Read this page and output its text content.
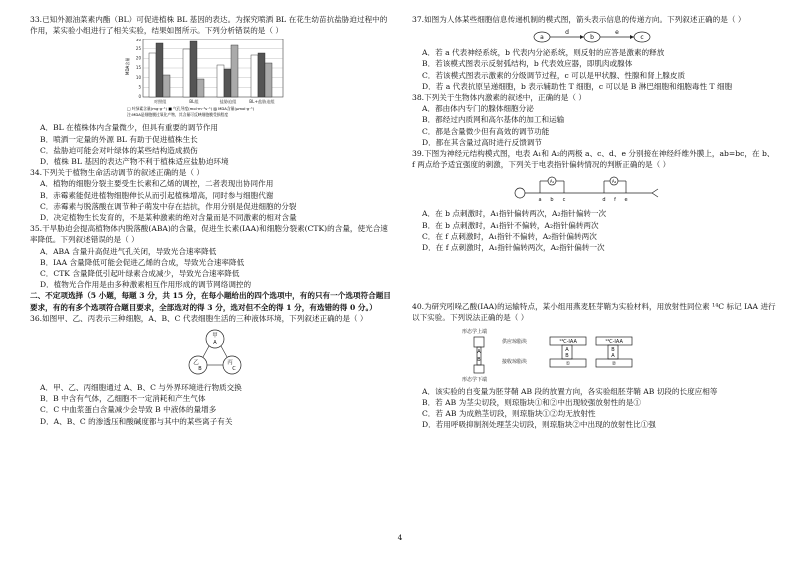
33.已知外源油菜素内酯（BL）可促进植株 BL 基因的表达。为探究喷洒 BL 在花生幼苗抗盐胁迫过程中的作用，某实验小组进行了相关实验，结果如图所示。下列分析错误的是（ ）

0
5
10
15
20
25
30
MDA含量
对照组	BL组	盐胁迫组	BL+盐胁迫组
□ 叶绿素含量(mg·g⁻¹) ■ 气孔导度(mol·m⁻²s⁻¹) ▨ MDA含量(μmol·g⁻¹)
注:MDA是细胞膜过氧化产物，其含量可反映细胞膜受损程度

A．BL 在植株体内含量微少，但具有重要的调节作用

B．喷洒一定量的外源 BL 有助于促进植株生长

C．盐胁迫可能会对叶绿体的某些结构造成损伤

D．植株 BL 基因的表达产物不利于植株适应盐胁迫环境

34.下列关于植物生命活动调节的叙述正确的是（ ）

A．植物的细胞分裂主要受生长素和乙烯的调控，二者表现出协同作用

B．赤霉素能促进植物细胞伸长从而引起植株增高，同时参与细胞代谢

C．赤霉素与脱落酸在调节种子萌发中存在拮抗，作用分别是促进细胞的分裂

D．决定植物生长发育的，不是某种激素的绝对含量而是不同激素的相对含量

35.干旱胁迫会提高植物体内脱落酸(ABA)的含量，促进生长素(IAA)和细胞分裂素(CTK)的含量，使光合速率降低。下列叙述错误的是（ ）

A．ABA 含量升高促进气孔关闭，导致光合速率降低

B．IAA 含量降低可能会促进乙烯的合成，导致光合速率降低

C．CTK 含量降低引起叶绿素合成减少，导致光合速率降低

D．植物光合作用是由多种激素相互作用形成的调节网络调控的

二、不定项选择（5 小题，每题 3 分，共 15 分，在每小题给出的四个选项中，有的只有一个选项符合题目要求，有的有多个选项符合题目要求，全部选对的得 3 分，选对但不全的得 1 分，有选错的得 0 分。）

36.如图甲、乙、丙表示三种细胞，A、B、C 代表细胞生活的三种液体环境，下列叙述正确的是（ ）

甲
A
乙
B
丙
C

A．甲、乙、丙细胞通过 A、B、C 与外界环境进行物质交换

B．B 中含有气体，乙细胞不一定消耗和产生气体

C．C 中血浆蛋白含量减少会导致 B 中液体的量增多

D．A、B、C 的渗透压和酸碱度都与其中的某些离子有关

37.如图为人体某些细胞信息传递机制的模式图，箭头表示信息的传递方向。下列叙述正确的是（ ）

a
d
b
e
c

A．若 a 代表神经系统，b 代表内分泌系统，则反射的应答是激素的释放

B．若该模式图表示反射弧结构，b 代表效应器，即肌肉或腺体

C．若该模式图表示激素的分级调节过程，c 可以是甲状腺、性腺和肾上腺皮质

D．若 a 代表抗原呈递细胞，b 表示辅助性 T 细胞，c 可以是 B 淋巴细胞和细胞毒性 T 细胞

38.下列关于生物体内激素的叙述中，正确的是（ ）

A．都由体内专门的腺体细胞分泌

B．都经过内质网和高尔基体的加工和运输

C．都是含量微少但有高效的调节功能

D．都在其含量过高时进行反馈调节

39.下图为神经元结构模式图，电表 A₁和 A₂的两极 a、c、d、e 分别接在神经纤维外膜上，ab=bc，在 b、f 两点给予适宜强度的刺激，下列关于电表指针偏转情况的判断正确的是（ ）

A₁	A₂
a b c	d	e
f

A．在 b 点刺激时，A₁指针偏转两次，A₂指针偏转一次

B．在 b 点刺激时，A₁指针不偏转，A₂指针偏转两次

C．在 f 点刺激时，A₁指针不偏转，A₂指针偏转两次

D．在 f 点刺激时，A₁指针偏转两次，A₂指针偏转一次

40.为研究吲哚乙酸(IAA)的运输特点，某小组用燕麦胚芽鞘为实验材料，用放射性同位素 ¹⁴C 标记 IAA 进行以下实验。下列说法正确的是（ ）

形态学上端
形态学下端
供应琼脂块
接收琼脂块
A
B
¹⁴C-IAA	¹⁴C-IAA
A
B
B
A
①	②

A．该实验的自变量为胚芽鞘 AB 段的放置方向，各实验组胚芽鞘 AB 切段的长度应相等

B．若 AB 为茎尖切段，则琼脂块①和②中出现较强放射性的是①

C．若 AB 为成熟茎切段，则琼脂块①②均无放射性

D．若用呼吸抑制剂处理茎尖切段，则琼脂块②中出现的放射性比①强

4
